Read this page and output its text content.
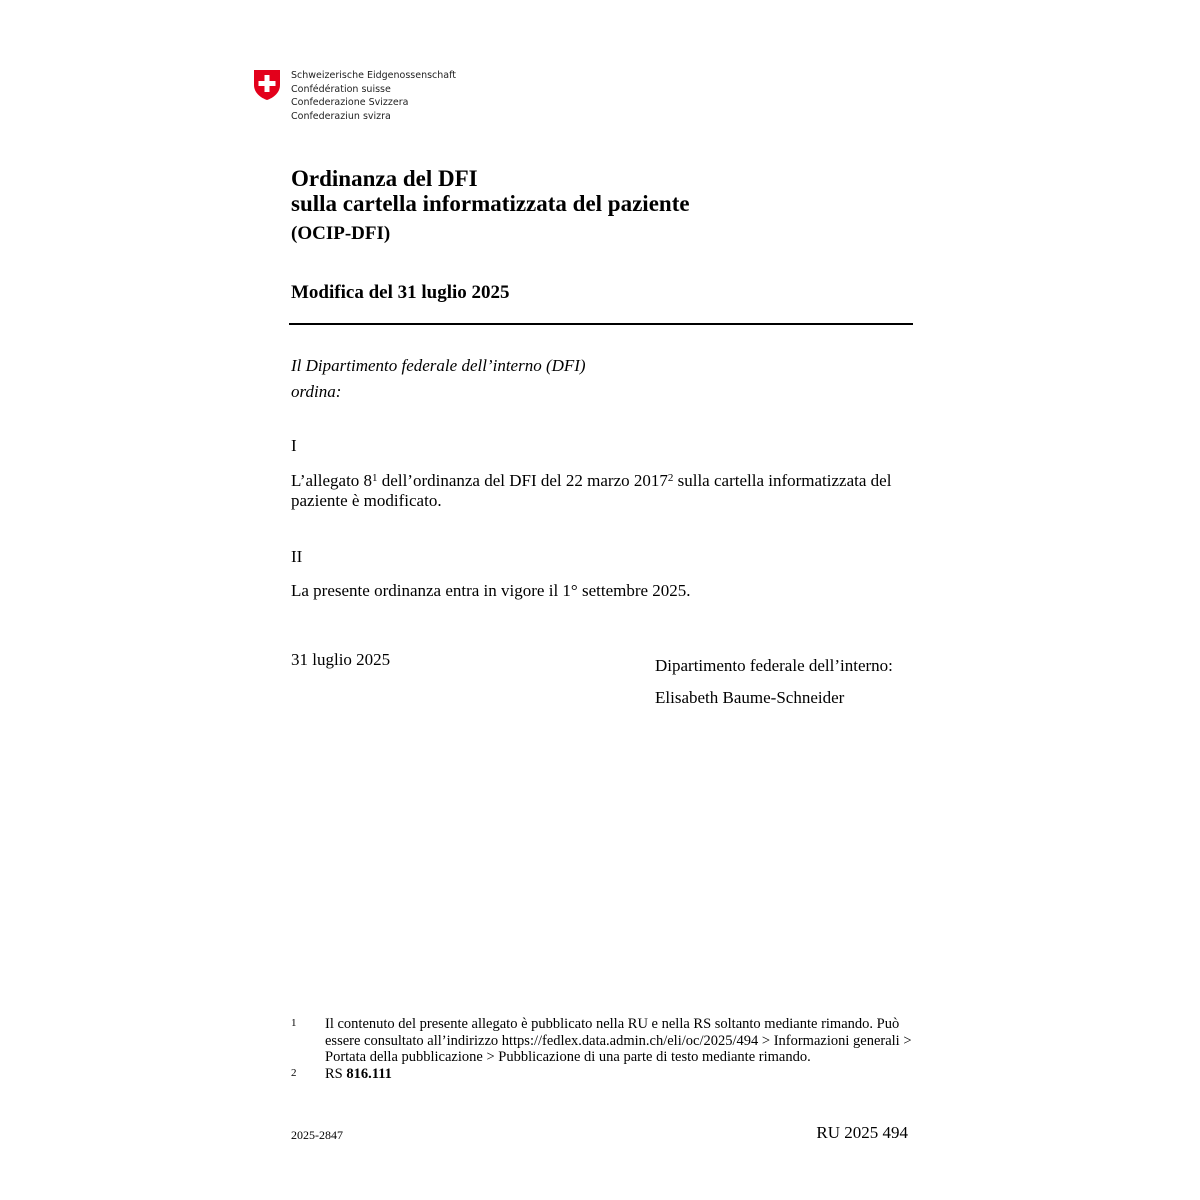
Schweizerische Eidgenossenschaft
Confédération suisse
Confederazione Svizzera
Confederaziun svizra
Ordinanza del DFI
sulla cartella informatizzata del paziente
(OCIP-DFI)
Modifica del 31 luglio 2025
Il Dipartimento federale dell’interno (DFI)
ordina:
I
L’allegato $8^1$ dell’ordinanza del DFI del 22 marzo 2017$^2$ sulla cartella informatizzata del paziente è modificato.
II
La presente ordinanza entra in vigore il 1° settembre 2025.
31 luglio 2025	Dipartimento federale dell’interno:
Elisabeth Baume-Schneider
1	Il contenuto del presente allegato è pubblicato nella RU e nella RS soltanto mediante rimando. Può essere consultato all’indirizzo https://fedlex.data.admin.ch/eli/oc/2025/494 > Informazioni generali > Portata della pubblicazione > Pubblicazione di una parte di testo mediante rimando.
2	RS 816.111
2025-2847	RU 2025 494
